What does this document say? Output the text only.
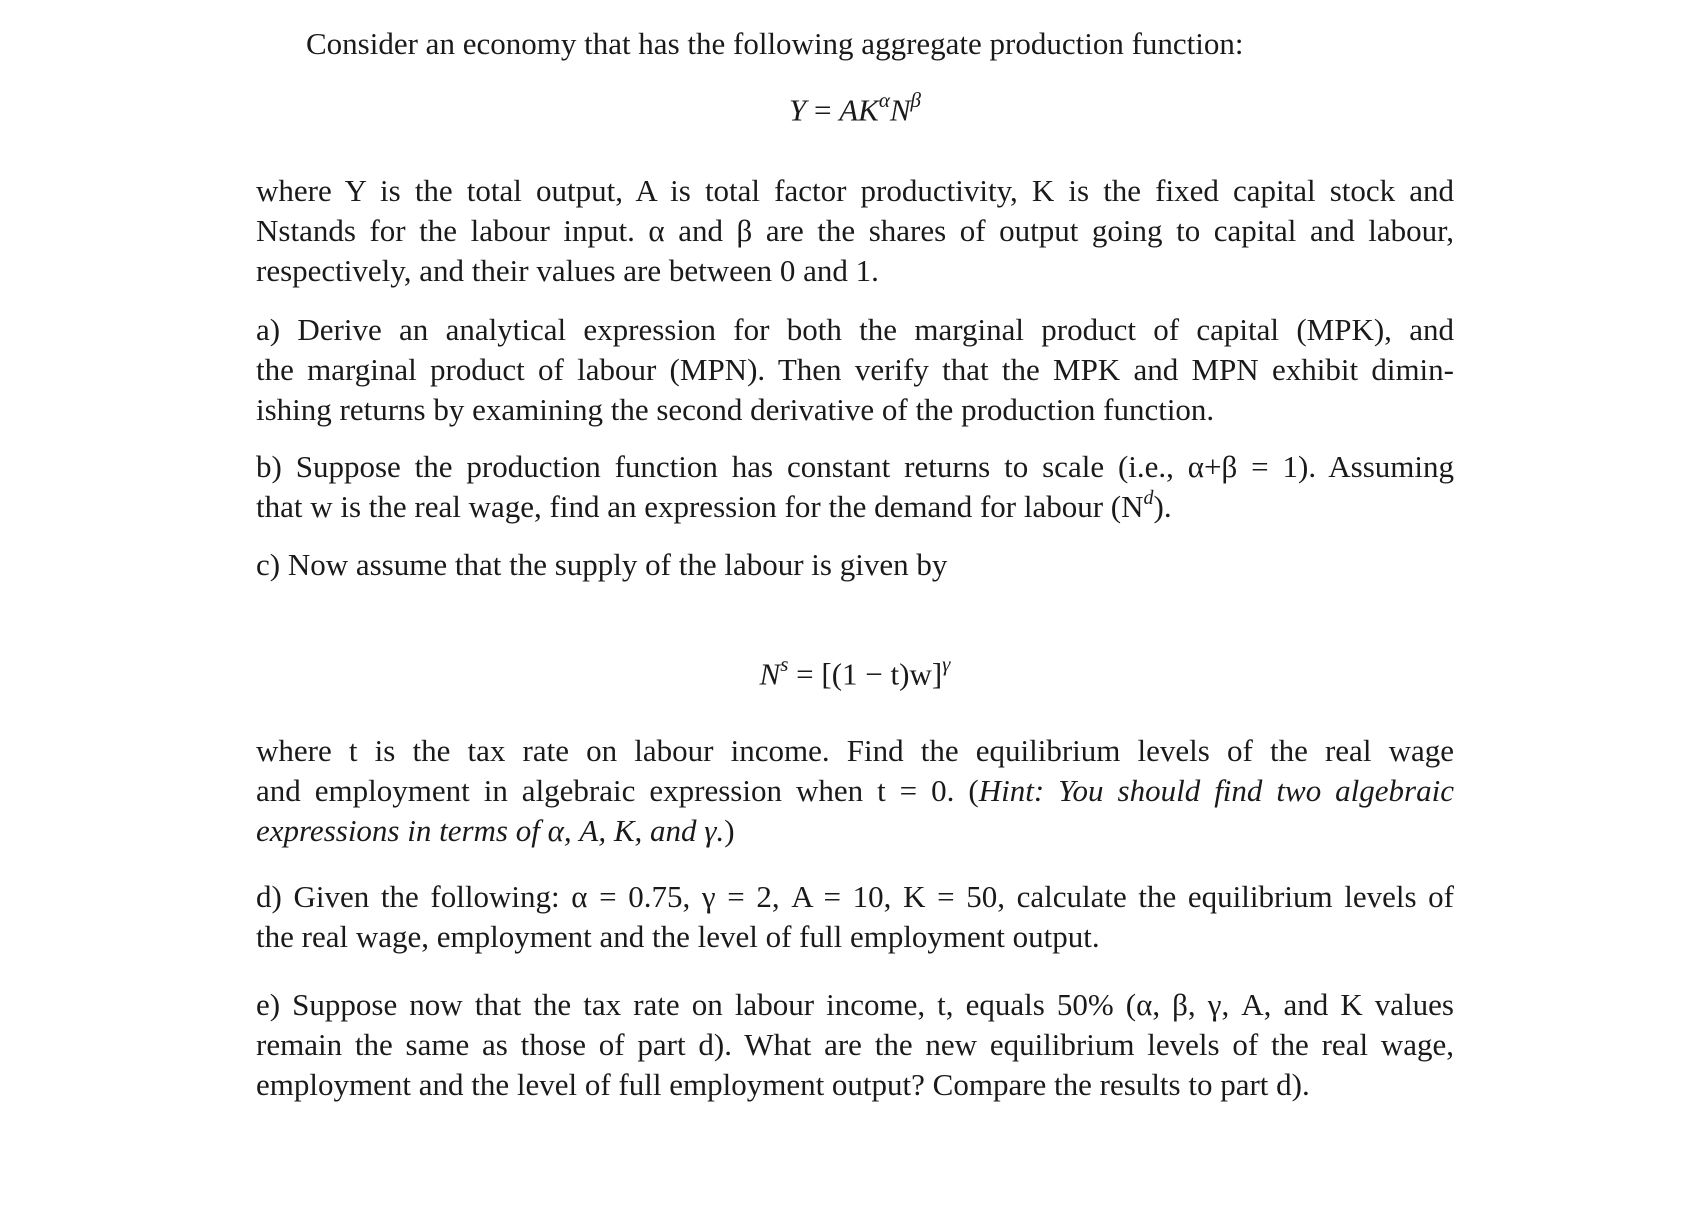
Consider an economy that has the following aggregate production function:
$Y = AK^\alpha N^\beta$
where Y is the total output, A is total factor productivity, K is the fixed capital stock and
Nstands for the labour input. α and β are the shares of output going to capital and labour,
respectively, and their values are between 0 and 1.
a) Derive an analytical expression for both the marginal product of capital (MPK), and
the marginal product of labour (MPN). Then verify that the MPK and MPN exhibit dimin-
ishing returns by examining the second derivative of the production function.
b) Suppose the production function has constant returns to scale (i.e., α+β = 1). Assuming
that w is the real wage, find an expression for the demand for labour $(N^d)$.
c) Now assume that the supply of the labour is given by
$N^s = [(1 - t)w]^\gamma$
where t is the tax rate on labour income. Find the equilibrium levels of the real wage
and employment in algebraic expression when t = 0. (Hint: You should find two algebraic
expressions in terms of α, A, K, and γ.)
d) Given the following: α = 0.75, γ = 2, A = 10, K = 50, calculate the equilibrium levels of
the real wage, employment and the level of full employment output.
e) Suppose now that the tax rate on labour income, t, equals 50% (α, β, γ, A, and K values
remain the same as those of part d). What are the new equilibrium levels of the real wage,
employment and the level of full employment output? Compare the results to part d).
